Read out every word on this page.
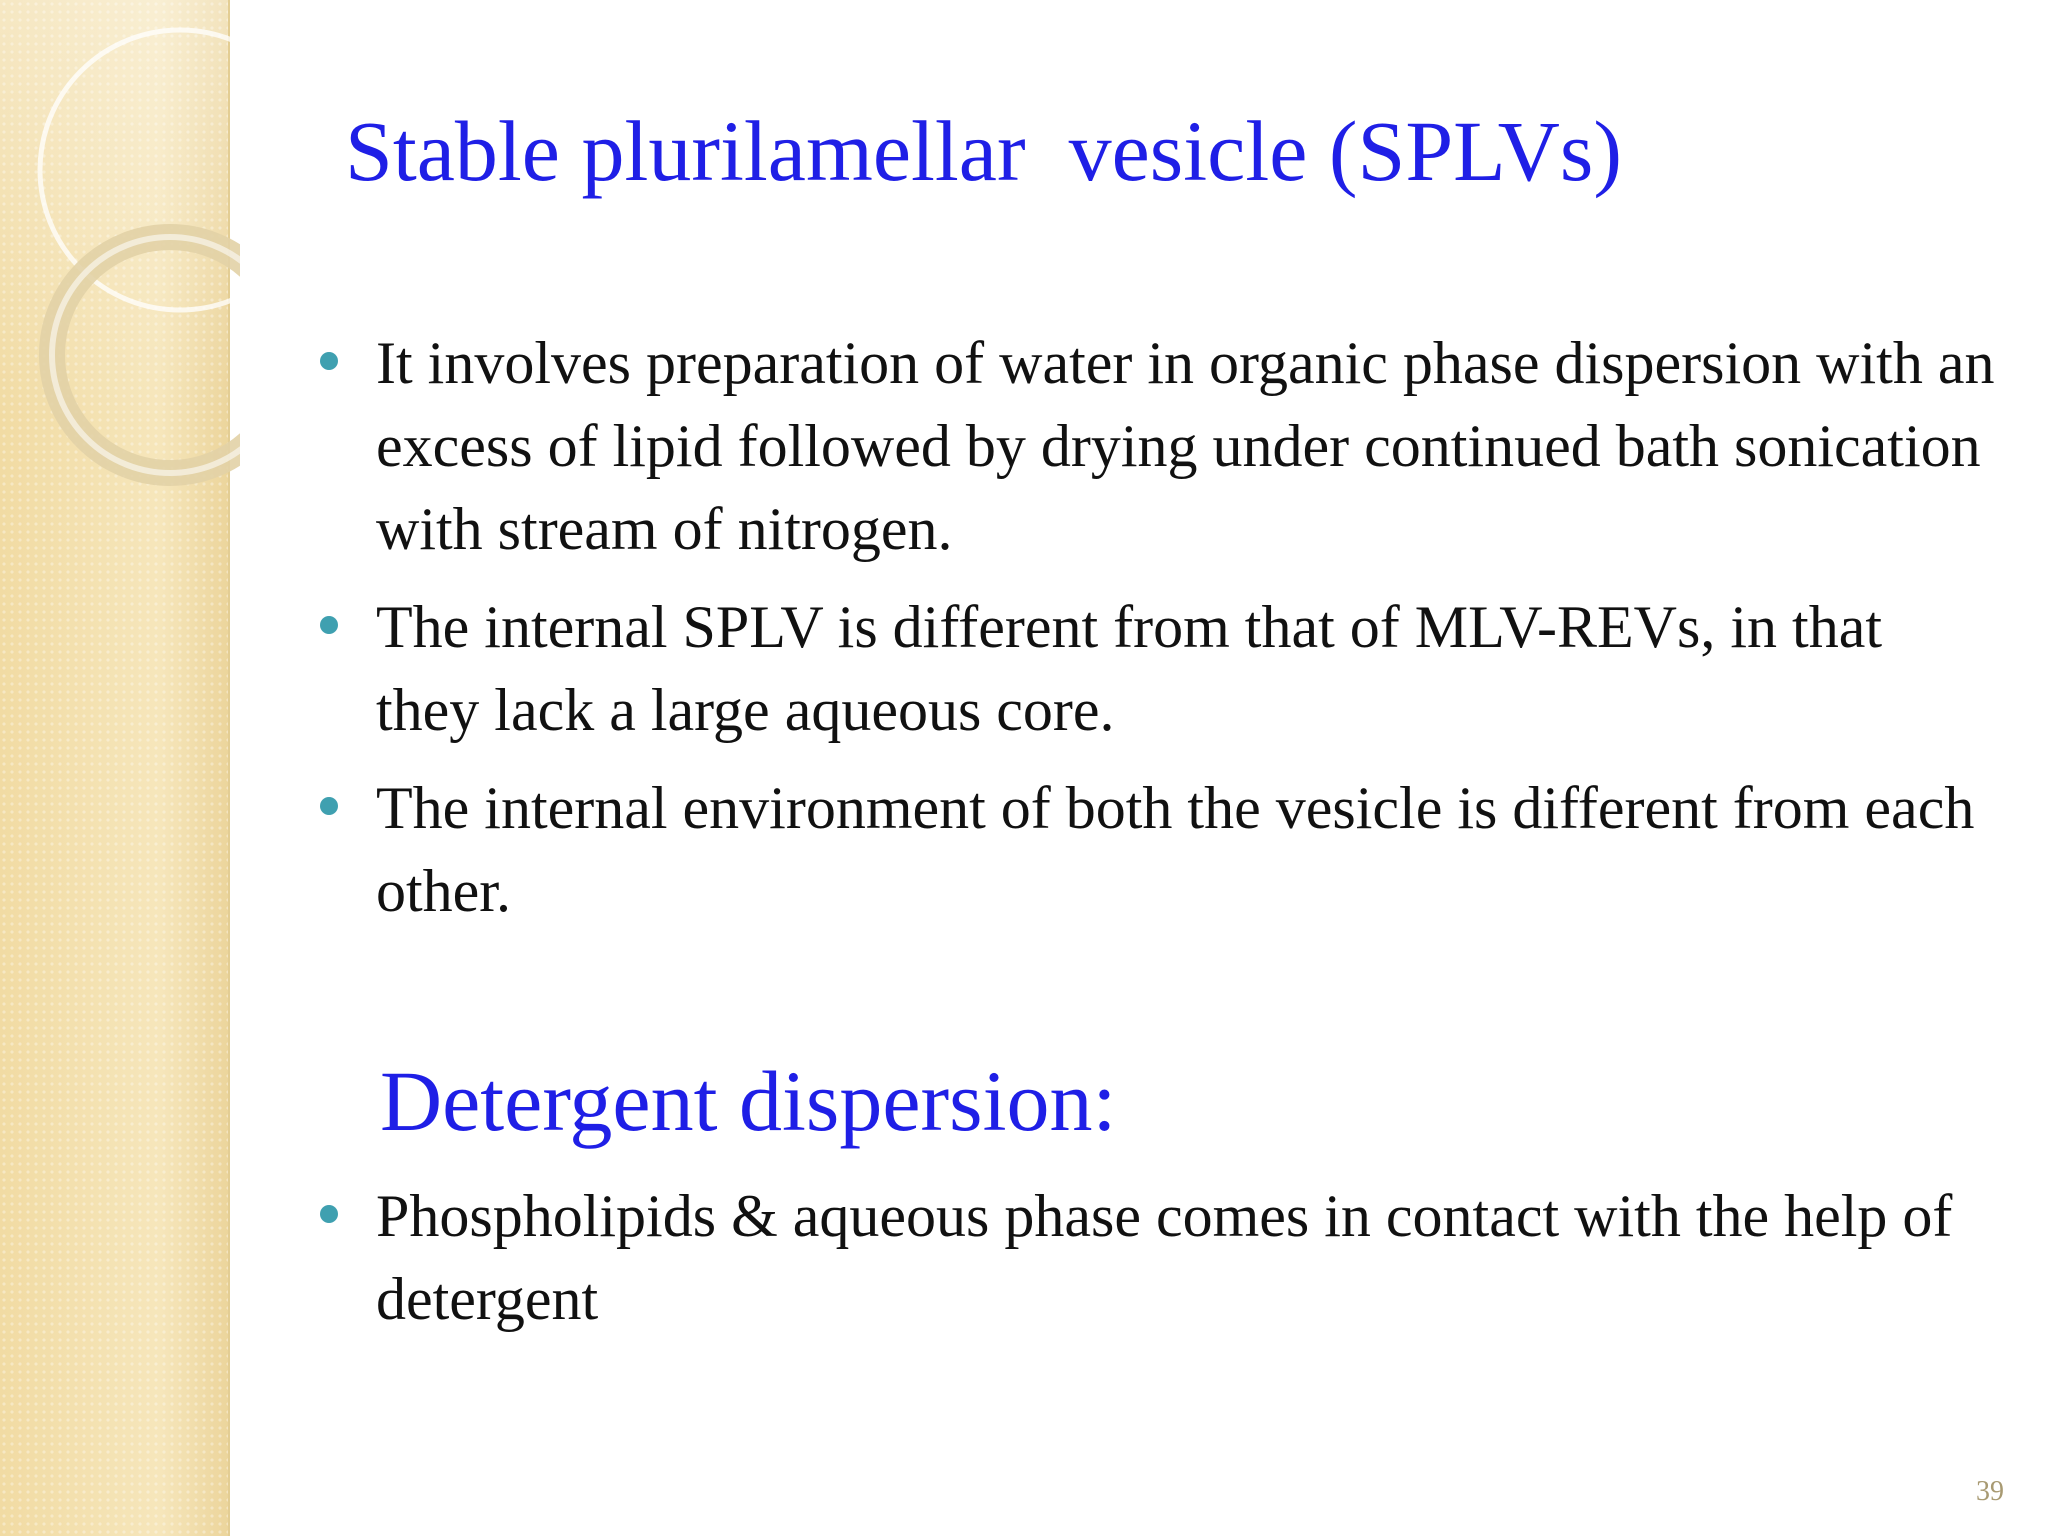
Stable plurilamellar  vesicle (SPLVs)
It involves preparation of water in organic phase dispersion with an excess of lipid followed by drying under continued bath sonication with stream of nitrogen.
The internal SPLV is different from that of MLV-REVs, in that they lack a large aqueous core.
The internal environment of both the vesicle is different from each other.
Detergent dispersion:
Phospholipids & aqueous phase comes in contact with the help of detergent
39
